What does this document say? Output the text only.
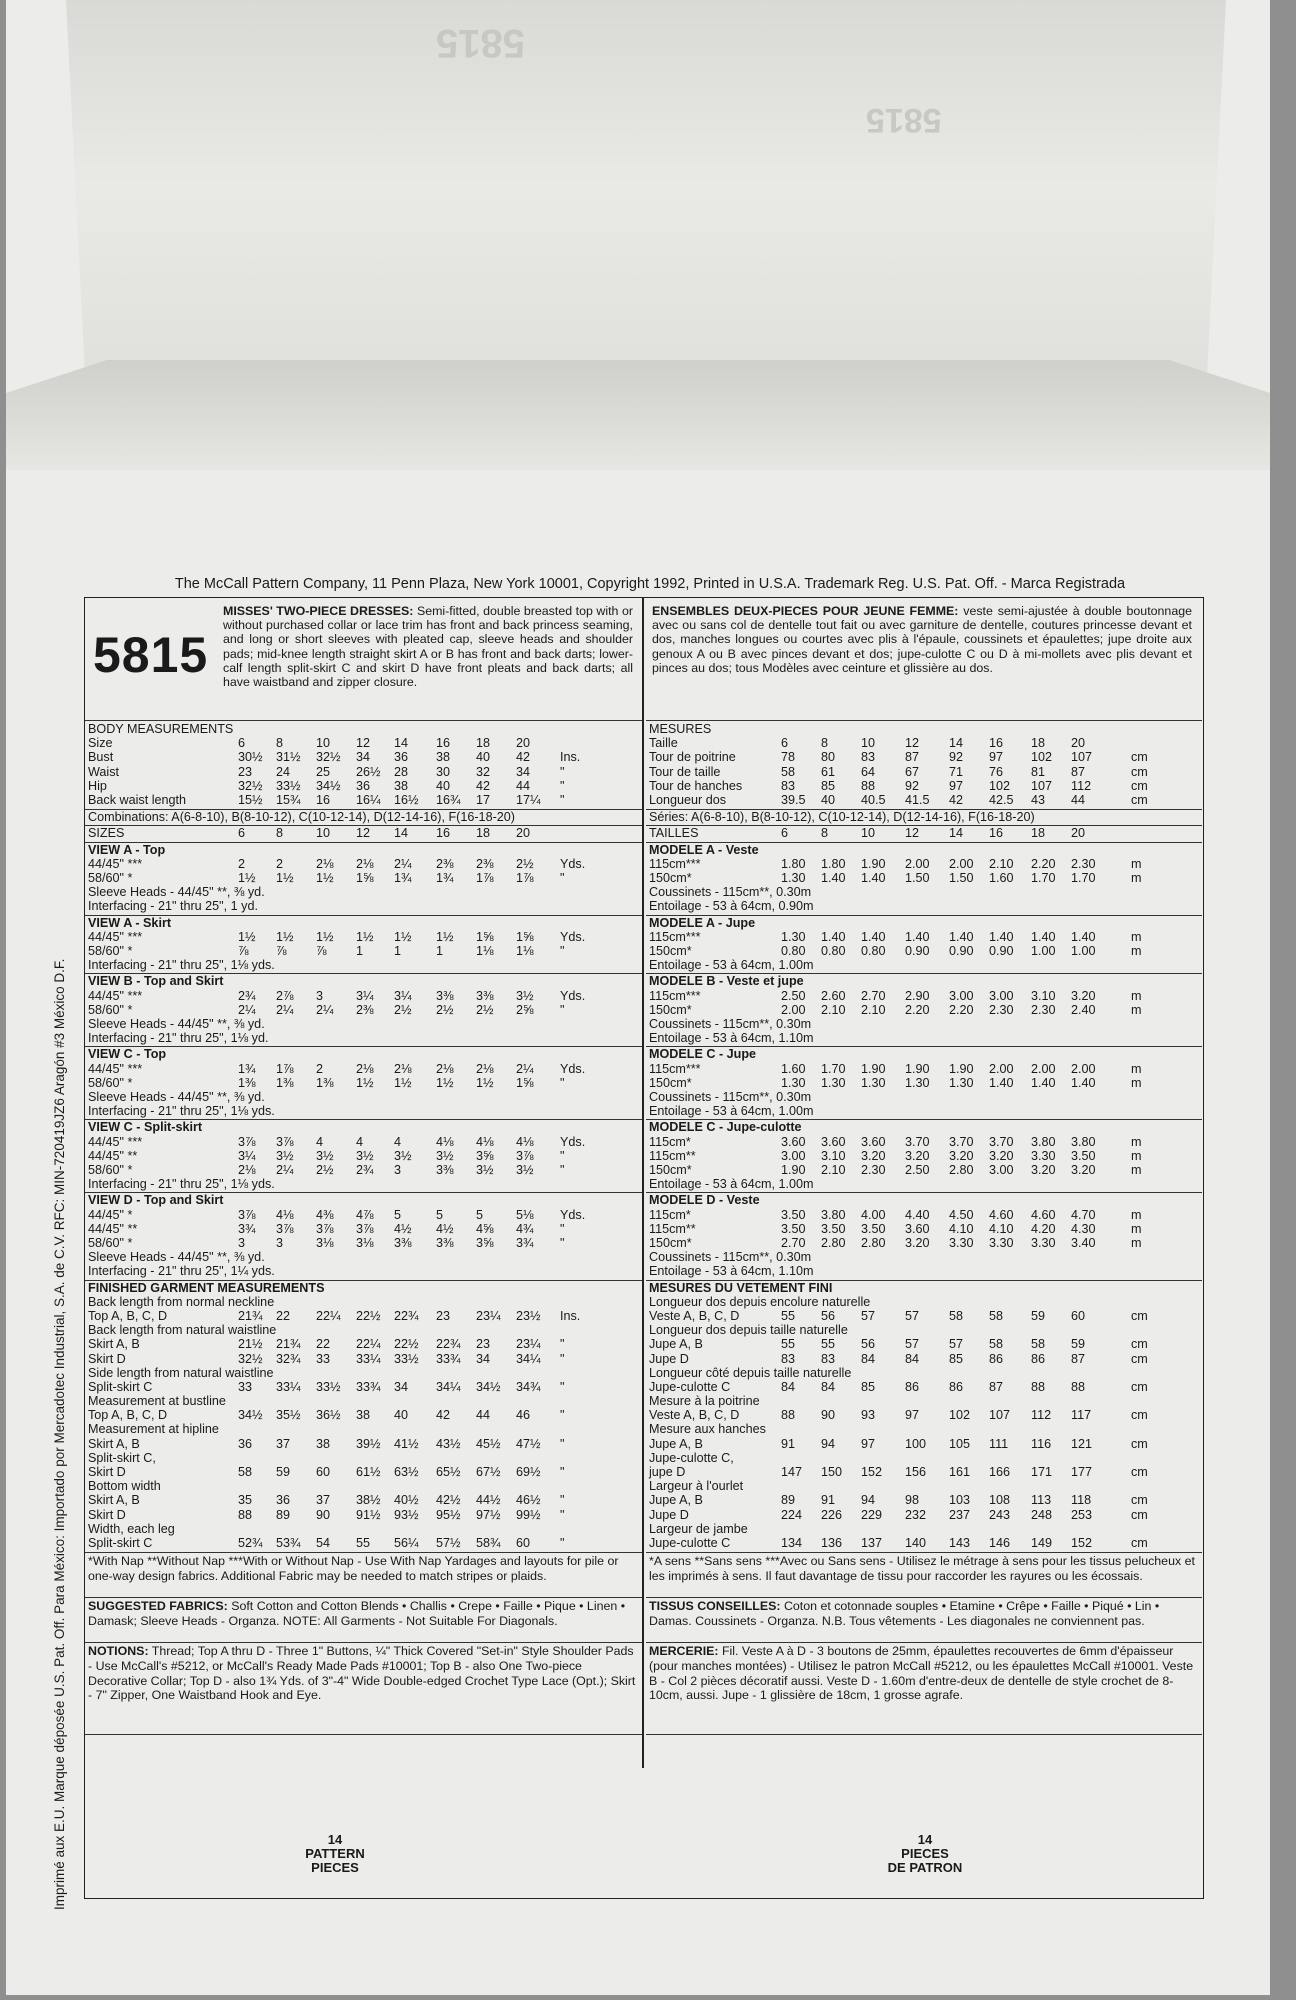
5815
5815
The McCall Pattern Company, 11 Penn Plaza, New York 10001, Copyright 1992, Printed in U.S.A. Trademark Reg. U.S. Pat. Off. - Marca Registrada
Imprimé aux E.U. Marque déposée U.S. Pat. Off. Para México: Importado por Mercadotec Industrial, S.A. de C.V. RFC: MIN-720419JZ6 Aragón #3 México D.F.
5815
MISSES' TWO-PIECE DRESSES: Semi-fitted, double breasted top with or without purchased collar or lace trim has front and back princess seaming, and long or short sleeves with pleated cap, sleeve heads and shoulder pads; mid-knee length straight skirt A or B has front and back darts; lower-calf length split-skirt C and skirt D have front pleats and back darts; all have waistband and zipper closure.
BODY MEASUREMENTS
Size	6 8	10 12 14 16 18 20
Bust	30½ 31½ 32½ 34 36 38 40 42 Ins.
Waist	23 24 25 26½ 28 30 32 34 "
Hip	32½ 33½ 34½ 36 38 40 42 44 "
Back waist length	15½ 15¾ 16 16¼ 16½ 16¾ 17 17¼ "
Combinations: A(6-8-10), B(8-10-12), C(10-12-14), D(12-14-16), F(16-18-20)
SIZES	6 8	10 12 14 16 18 20
VIEW A - Top
44/45" ***	2 2	2⅛ 2⅛ 2¼ 2⅜ 2⅜ 2½ Yds.
58/60" *	1½ 1½ 1½ 1⅝ 1¾ 1¾ 1⅞ 1⅞ "
Sleeve Heads - 44/45" **, ⅜ yd.
Interfacing - 21" thru 25", 1 yd.
VIEW A - Skirt
44/45" ***	1½ 1½ 1½ 1½ 1½ 1½ 1⅝ 1⅝ Yds.
58/60" *	⅞ ⅞ ⅞ 1 1	1	1⅛ 1⅛ "
Interfacing - 21" thru 25", 1⅛ yds.
VIEW B - Top and Skirt
44/45" ***	2¾ 2⅞ 3	3¼ 3¼ 3⅜ 3⅜ 3½ Yds.
58/60" *	2¼ 2¼ 2¼ 2⅜ 2½ 2½ 2½ 2⅝ "
Sleeve Heads - 44/45" **, ⅜ yd.
Interfacing - 21" thru 25", 1⅛ yd.
VIEW C - Top
44/45" ***	1¾ 1⅞ 2	2⅛ 2⅛ 2⅛ 2⅛ 2¼ Yds.
58/60" *	1⅜ 1⅜ 1⅜ 1½ 1½ 1½ 1½ 1⅝ "
Sleeve Heads - 44/45" **, ⅜ yd.
Interfacing - 21" thru 25", 1⅛ yds.
VIEW C - Split-skirt
44/45" ***	3⅞ 3⅞ 4	4 4	4⅛ 4⅛ 4⅛ Yds.
44/45" **	3¼ 3½ 3½ 3½ 3½ 3½ 3⅝ 3⅞ "
58/60" *	2⅛ 2¼ 2½ 2¾ 3	3⅜ 3½ 3½ "
Interfacing - 21" thru 25", 1⅛ yds.
VIEW D - Top and Skirt
44/45" *	3⅞ 4⅛ 4⅜ 4⅞ 5	5	5	5⅛ Yds.
44/45" **	3¾ 3⅞ 3⅞ 3⅞ 4½ 4½ 4⅝ 4¾ "
58/60" *	3 3	3⅛ 3⅛ 3⅜ 3⅜ 3⅝ 3¾ "
Sleeve Heads - 44/45" **, ⅜ yd.
Interfacing - 21" thru 25", 1¼ yds.
FINISHED GARMENT MEASUREMENTS
Back length from normal neckline
Top A, B, C, D	21¾ 22 22¼ 22½ 22¾ 23 23¼ 23½ Ins.
Back length from natural waistline
Skirt A, B	21½ 21¾ 22 22¼ 22½ 22¾ 23 23¼ "
Skirt D	32½ 32¾ 33 33¼ 33½ 33¾ 34 34¼ "
Side length from natural waistline
Split-skirt C	33 33¼ 33½ 33¾ 34 34¼ 34½ 34¾ "
Measurement at bustline
Top A, B, C, D	34½ 35½ 36½ 38 40 42 44 46 "
Measurement at hipline
Skirt A, B	36 37 38 39½ 41½ 43½ 45½ 47½ "
Split-skirt C,
Skirt D	58 59 60 61½ 63½ 65½ 67½ 69½ "
Bottom width
Skirt A, B	35 36 37 38½ 40½ 42½ 44½ 46½ "
Skirt D	88 89 90 91½ 93½ 95½ 97½ 99½ "
Width, each leg
Split-skirt C	52¾ 53¾ 54 55 56¼ 57½ 58¾ 60 "
*With Nap **Without Nap ***With or Without Nap - Use With Nap Yardages and layouts for pile or one-way design fabrics. Additional Fabric may be needed to match stripes or plaids.
SUGGESTED FABRICS: Soft Cotton and Cotton Blends • Challis • Crepe • Faille • Pique • Linen • Damask; Sleeve Heads - Organza. NOTE: All Garments - Not Suitable For Diagonals.
NOTIONS: Thread; Top A thru D - Three 1" Buttons, ¼" Thick Covered "Set-in" Style Shoulder Pads - Use McCall's #5212, or McCall's Ready Made Pads #10001; Top B - also One Two-piece Decorative Collar; Top D - also 1¾ Yds. of 3"-4" Wide Double-edged Crochet Type Lace (Opt.); Skirt - 7" Zipper, One Waistband Hook and Eye.
ENSEMBLES DEUX-PIECES POUR JEUNE FEMME: veste semi-ajustée à double boutonnage avec ou sans col de dentelle tout fait ou avec garniture de dentelle, coutures princesse devant et dos, manches longues ou courtes avec plis à l'épaule, coussinets et épaulettes; jupe droite aux genoux A ou B avec pinces devant et dos; jupe-culotte C ou D à mi-mollets avec plis devant et pinces au dos; tous Modèles avec ceinture et glissière au dos.
MESURES
Taille	6	8	10 12 14 16 18 20
Tour de poitrine	78 80 83 87 92 97 102 107	cm
Tour de taille	58 61 64 67 71 76 81 87	cm
Tour de hanches	83 85 88 92 97 102 107 112	cm
Longueur dos	39.5 40 40.5 41.5 42 42.5 43 44	cm
Séries: A(6-8-10), B(8-10-12), C(10-12-14), D(12-14-16), F(16-18-20)
TAILLES	6	8	10 12 14 16 18 20
MODELE A - Veste
115cm***	1.80 1.80 1.90 2.00 2.00 2.10 2.20 2.30	m
150cm*	1.30 1.40 1.40 1.50 1.50 1.60 1.70 1.70	m
Coussinets - 115cm**, 0.30m
Entoilage - 53 à 64cm, 0.90m
MODELE A - Jupe
115cm***	1.30 1.40 1.40 1.40 1.40 1.40 1.40 1.40	m
150cm*	0.80 0.80 0.80 0.90 0.90 0.90 1.00 1.00	m
Entoilage - 53 à 64cm, 1.00m
MODELE B - Veste et jupe
115cm***	2.50 2.60 2.70 2.90 3.00 3.00 3.10 3.20	m
150cm*	2.00 2.10 2.10 2.20 2.20 2.30 2.30 2.40	m
Coussinets - 115cm**, 0.30m
Entoilage - 53 à 64cm, 1.10m
MODELE C - Jupe
115cm***	1.60 1.70 1.90 1.90 1.90 2.00 2.00 2.00	m
150cm*	1.30 1.30 1.30 1.30 1.30 1.40 1.40 1.40	m
Coussinets - 115cm**, 0.30m
Entoilage - 53 à 64cm, 1.00m
MODELE C - Jupe-culotte
115cm*	3.60 3.60 3.60 3.70 3.70 3.70 3.80 3.80	m
115cm**	3.00 3.10 3.20 3.20 3.20 3.20 3.30 3.50	m
150cm*	1.90 2.10 2.30 2.50 2.80 3.00 3.20 3.20	m
Entoilage - 53 à 64cm, 1.00m
MODELE D - Veste
115cm*	3.50 3.80 4.00 4.40 4.50 4.60 4.60 4.70	m
115cm**	3.50 3.50 3.50 3.60 4.10 4.10 4.20 4.30	m
150cm*	2.70 2.80 2.80 3.20 3.30 3.30 3.30 3.40	m
Coussinets - 115cm**, 0.30m
Entoilage - 53 à 64cm, 1.10m
MESURES DU VETEMENT FINI
Longueur dos depuis encolure naturelle
Veste A, B, C, D	55 56 57 57 58 58 59 60	cm
Longueur dos depuis taille naturelle
Jupe A, B	55 55 56 57 57 58 58 59	cm
Jupe D	83 83 84 84 85 86 86 87	cm
Longueur côté depuis taille naturelle
Jupe-culotte C	84 84 85 86 86 87 88 88	cm
Mesure à la poitrine
Veste A, B, C, D	88 90 93 97 102 107 112 117	cm
Mesure aux hanches
Jupe A, B	91 94 97 100 105 111 116 121	cm
Jupe-culotte C,
jupe D	147 150 152 156 161 166 171 177	cm
Largeur à l'ourlet
Jupe A, B	89 91 94 98 103 108 113 118	cm
Jupe D	224 226 229 232 237 243 248 253	cm
Largeur de jambe
Jupe-culotte C	134 136 137 140 143 146 149 152	cm
*A sens **Sans sens ***Avec ou Sans sens - Utilisez le métrage à sens pour les tissus pelucheux et les imprimés à sens. Il faut davantage de tissu pour raccorder les rayures ou les écossais.
TISSUS CONSEILLES: Coton et cotonnade souples • Etamine • Crêpe • Faille • Piqué • Lin • Damas. Coussinets - Organza. N.B. Tous vêtements - Les diagonales ne conviennent pas.
MERCERIE: Fil. Veste A à D - 3 boutons de 25mm, épaulettes recouvertes de 6mm d'épaisseur (pour manches montées) - Utilisez le patron McCall #5212, ou les épaulettes McCall #10001. Veste B - Col 2 pièces décoratif aussi. Veste D - 1.60m d'entre-deux de dentelle de style crochet de 8-10cm, aussi. Jupe - 1 glissière de 18cm, 1 grosse agrafe.
14
PATTERN
PIECES
14
PIECES
DE PATRON
